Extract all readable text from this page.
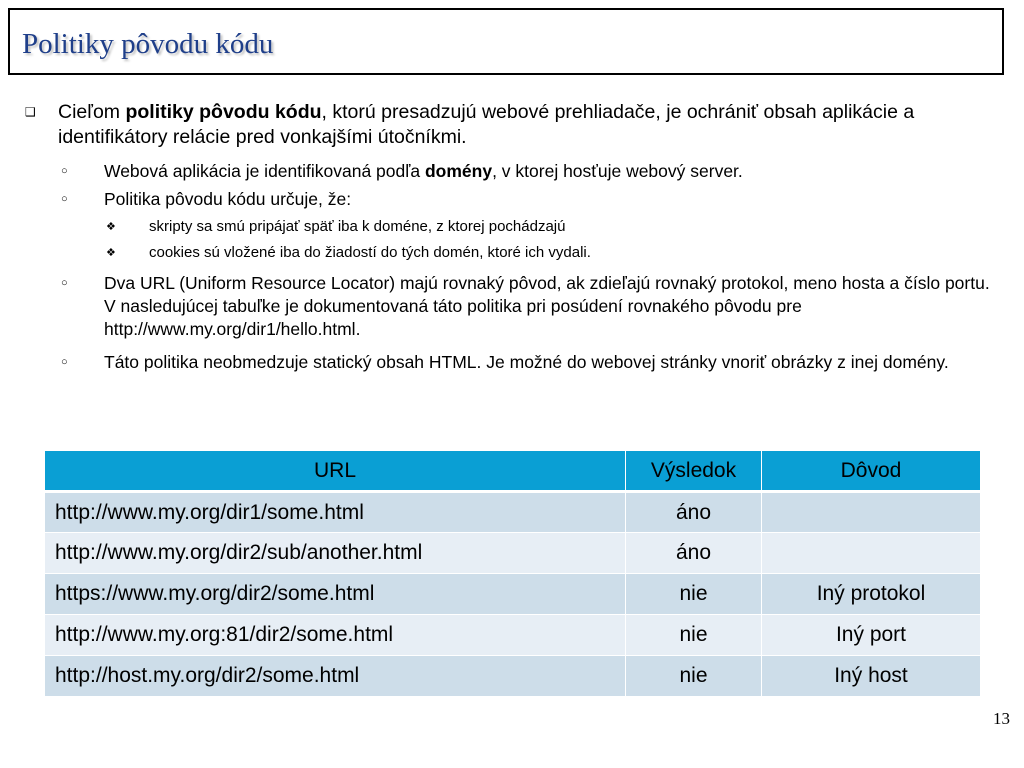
Politiky pôvodu kódu
❑ Cieľom politiky pôvodu kódu, ktorú presadzujú webové prehliadače, je ochrániť obsah aplikácie a identifikátory relácie pred vonkajšími útočníkmi.
○ Webová aplikácia je identifikovaná podľa domény, v ktorej hosťuje webový server.
○ Politika pôvodu kódu určuje, že:
❖ skripty sa smú pripájať späť iba k doméne, z ktorej pochádzajú
❖ cookies sú vložené iba do žiadostí do tých domén, ktoré ich vydali.
○ Dva URL (Uniform Resource Locator) majú rovnaký pôvod, ak zdieľajú rovnaký protokol, meno hosta a číslo portu. V nasledujúcej tabuľke je dokumentovaná táto politika pri posúdení rovnakého pôvodu pre http://www.my.org/dir1/hello.html.
○ Táto politika neobmedzuje statický obsah HTML. Je možné do webovej stránky vnoriť obrázky z inej domény.
URL	Výsledok	Dôvod
http://www.my.org/dir1/some.html	áno	
http://www.my.org/dir2/sub/another.html	áno	
https://www.my.org/dir2/some.html	nie	Iný protokol
http://www.my.org:81/dir2/some.html	nie	Iný port
http://host.my.org/dir2/some.html	nie	Iný host
13
